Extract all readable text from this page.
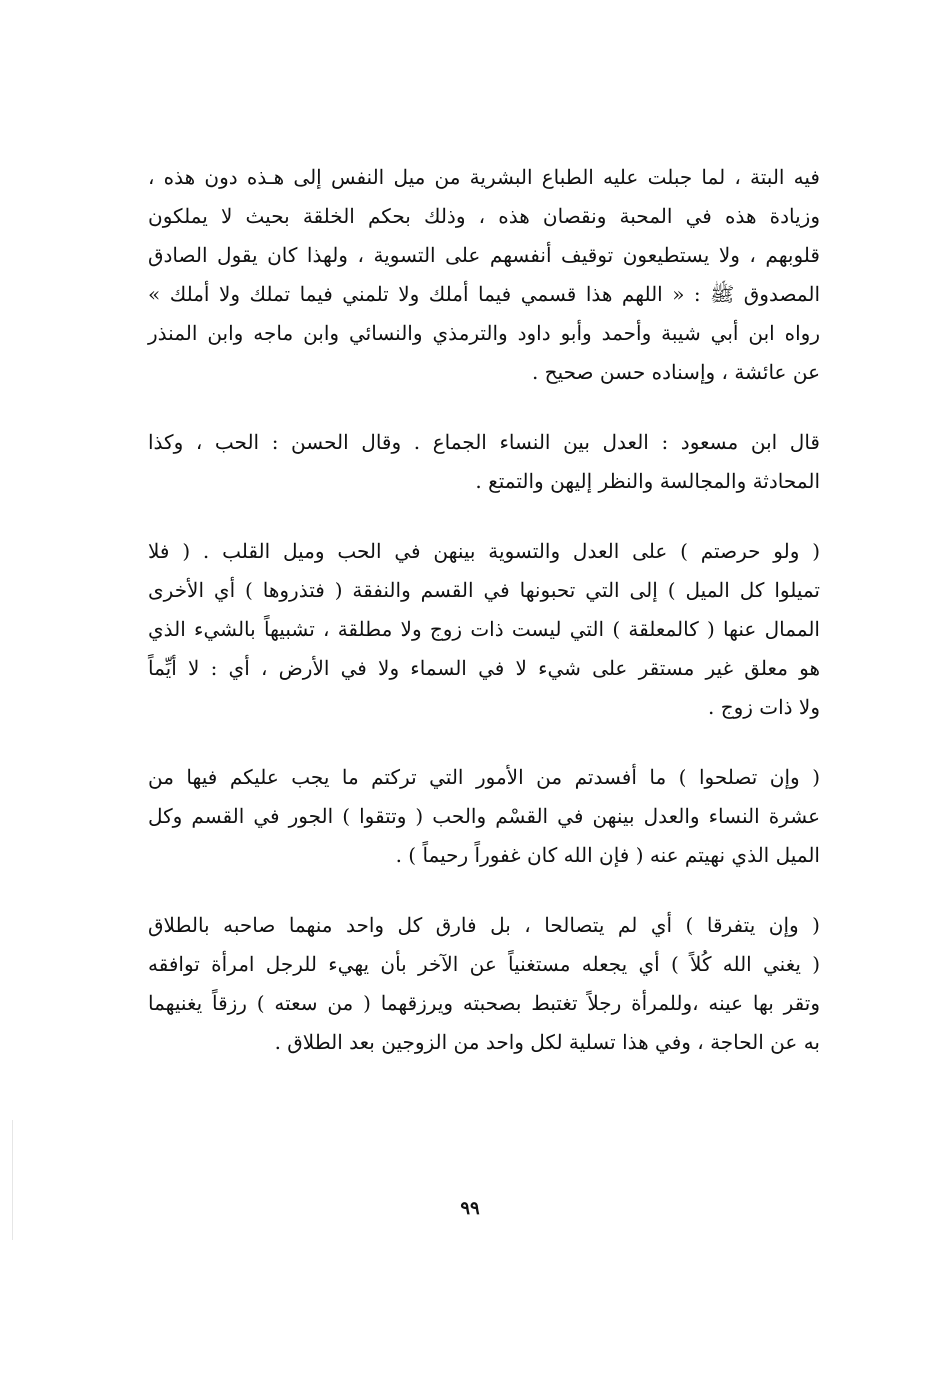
فيه البتة ، لما جبلت عليه الطباع البشرية من ميل النفس إلى هـذه دون هذه ،
وزيادة هذه في المحبة ونقصان هذه ، وذلك بحكم الخلقة بحيث لا يملكون
قلوبهم ، ولا يستطيعون توقيف أنفسهم على التسوية ، ولهذا كان يقول الصادق
المصدوق ﷺ : « اللهم هذا قسمي فيما أملك ولا تلمني فيما تملك ولا أملك »
رواه ابن أبي شيبة وأحمد وأبو داود والترمذي والنسائي وابن ماجه وابن المنذر
عن عائشة ، وإسناده حسن صحيح .

قال ابن مسعود : العدل بين النساء الجماع . وقال الحسن : الحب ، وكذا
المحادثة والمجالسة والنظر إليهن والتمتع .

( ولو حرصتم ) على العدل والتسوية بينهن في الحب وميل القلب . ( فلا
تميلوا كل الميل ) إلى التي تحبونها في القسم والنفقة ( فتذروها ) أي الأخرى
الممال عنها ( كالمعلقة ) التي ليست ذات زوج ولا مطلقة ، تشبيهاً بالشيء الذي
هو معلق غير مستقر على شيء لا في السماء ولا في الأرض ، أي : لا أيِّماً
ولا ذات زوج .

( وإن تصلحوا ) ما أفسدتم من الأمور التي تركتم ما يجب عليكم فيها من
عشرة النساء والعدل بينهن في القسْم والحب ( وتتقوا ) الجور في القسم وكل
الميل الذي نهيتم عنه ( فإن الله كان غفوراً رحيماً ) .

( وإن يتفرقا ) أي لم يتصالحا ، بل فارق كل واحد منهما صاحبه بالطلاق
( يغني الله كُلاً ) أي يجعله مستغنياً عن الآخر بأن يهيء للرجل امرأة توافقه
وتقر بها عينه ،وللمرأة رجلاً تغتبط بصحبته ويرزقهما ( من سعته ) رزقاً يغنيهما
به عن الحاجة ، وفي هذا تسلية لكل واحد من الزوجين بعد الطلاق .

٩٩
